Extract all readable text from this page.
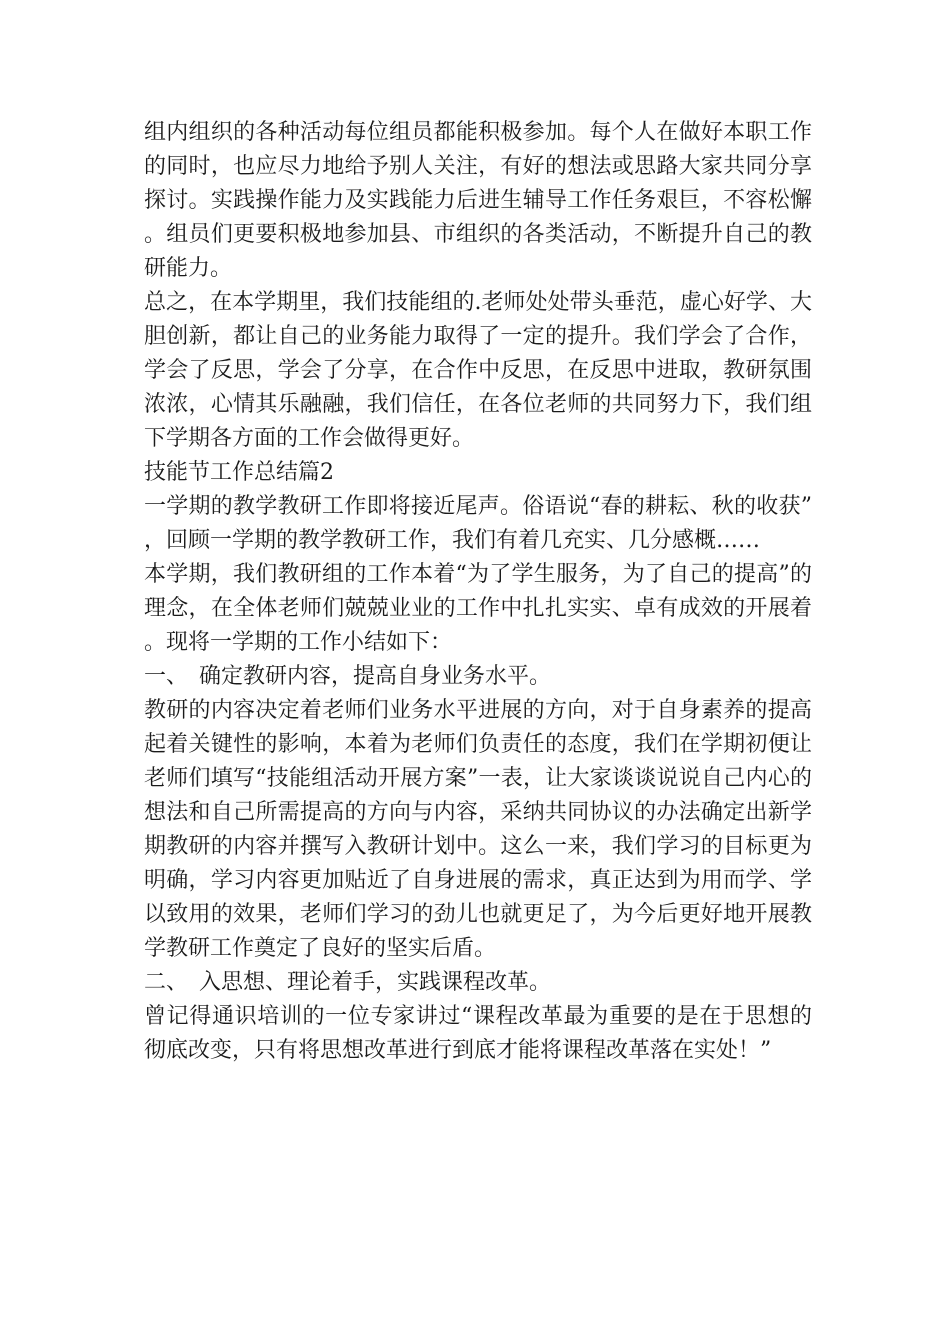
组内组织的各种活动每位组员都能积极参加。每个人在做好本职工作的同时，也应尽力地给予别人关注，有好的想法或思路大家共同分享探讨。实践操作能力及实践能力后进生辅导工作任务艰巨，不容松懈。组员们更要积极地参加县、市组织的各类活动，不断提升自己的教研能力。

总之，在本学期里，我们技能组的.老师处处带头垂范，虚心好学、大胆创新，都让自己的业务能力取得了一定的提升。我们学会了合作，学会了反思，学会了分享，在合作中反思，在反思中进取，教研氛围浓浓，心情其乐融融，我们信任，在各位老师的共同努力下，我们组下学期各方面的工作会做得更好。

技能节工作总结篇2

一学期的教学教研工作即将接近尾声。俗语说“春的耕耘、秋的收获”，回顾一学期的教学教研工作，我们有着几充实、几分感概……

本学期，我们教研组的工作本着“为了学生服务，为了自己的提高”的理念，在全体老师们兢兢业业的工作中扎扎实实、卓有成效的开展着。现将一学期的工作小结如下：

一、　确定教研内容，提高自身业务水平。

教研的内容决定着老师们业务水平进展的方向，对于自身素养的提高起着关键性的影响，本着为老师们负责任的态度，我们在学期初便让老师们填写“技能组活动开展方案”一表，让大家谈谈说说自己内心的想法和自己所需提高的方向与内容，采纳共同协议的办法确定出新学期教研的内容并撰写入教研计划中。这么一来，我们学习的目标更为明确，学习内容更加贴近了自身进展的需求，真正达到为用而学、学以致用的效果，老师们学习的劲儿也就更足了，为今后更好地开展教学教研工作奠定了良好的坚实后盾。

二、　入思想、理论着手，实践课程改革。

曾记得通识培训的一位专家讲过“课程改革最为重要的是在于思想的彻底改变，只有将思想改革进行到底才能将课程改革落在实处！”
